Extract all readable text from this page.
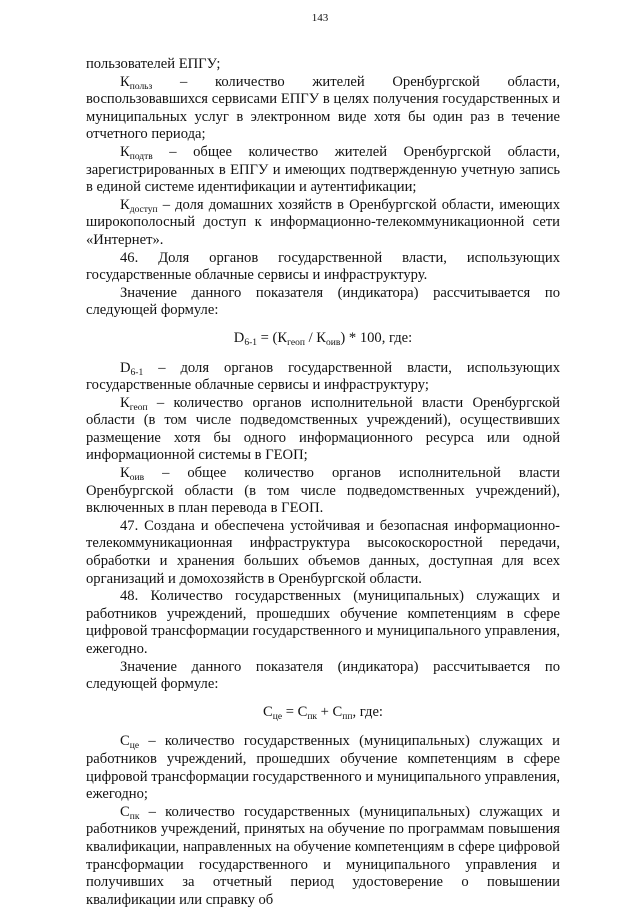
143

пользователей ЕПГУ;

$К_{польз}$ – количество жителей Оренбургской области, воспользовавшихся сервисами ЕПГУ в целях получения государственных и муниципальных услуг в электронном виде хотя бы один раз в течение отчетного периода;

$К_{подтв}$ – общее количество жителей Оренбургской области, зарегистрированных в ЕПГУ и имеющих подтвержденную учетную запись в единой системе идентификации и аутентификации;

$К_{доступ}$ – доля домашних хозяйств в Оренбургской области, имеющих широкополосный доступ к информационно-телекоммуникационной сети «Интернет».

46. Доля органов государственной власти, использующих государственные облачные сервисы и инфраструктуру.

Значение данного показателя (индикатора) рассчитывается по следующей формуле:

$D_{6-1} = (К_{геоп} / К_{оив}) * 100$, где:

$D_{6-1}$ – доля органов государственной власти, использующих государственные облачные сервисы и инфраструктуру;

$К_{геоп}$ – количество органов исполнительной власти Оренбургской области (в том числе подведомственных учреждений), осуществивших размещение хотя бы одного информационного ресурса или одной информационной системы в ГЕОП;

$К_{оив}$ – общее количество органов исполнительной власти Оренбургской области (в том числе подведомственных учреждений), включенных в план перевода в ГЕОП.

47. Создана и обеспечена устойчивая и безопасная информационно-телекоммуникационная инфраструктура высокоскоростной передачи, обработки и хранения больших объемов данных, доступная для всех организаций и домохозяйств в Оренбургской области.

48. Количество государственных (муниципальных) служащих и работников учреждений, прошедших обучение компетенциям в сфере цифровой трансформации государственного и муниципального управления, ежегодно.

Значение данного показателя (индикатора) рассчитывается по следующей формуле:

$C_{це} = C_{пк} + C_{пп}$, где:

$C_{це}$ – количество государственных (муниципальных) служащих и работников учреждений, прошедших обучение компетенциям в сфере цифровой трансформации государственного и муниципального управления, ежегодно;

$C_{пк}$ – количество государственных (муниципальных) служащих и работников учреждений, принятых на обучение по программам повышения квалификации, направленных на обучение компетенциям в сфере цифровой трансформации государственного и муниципального управления и получивших за отчетный период удостоверение о повышении квалификации или справку об
